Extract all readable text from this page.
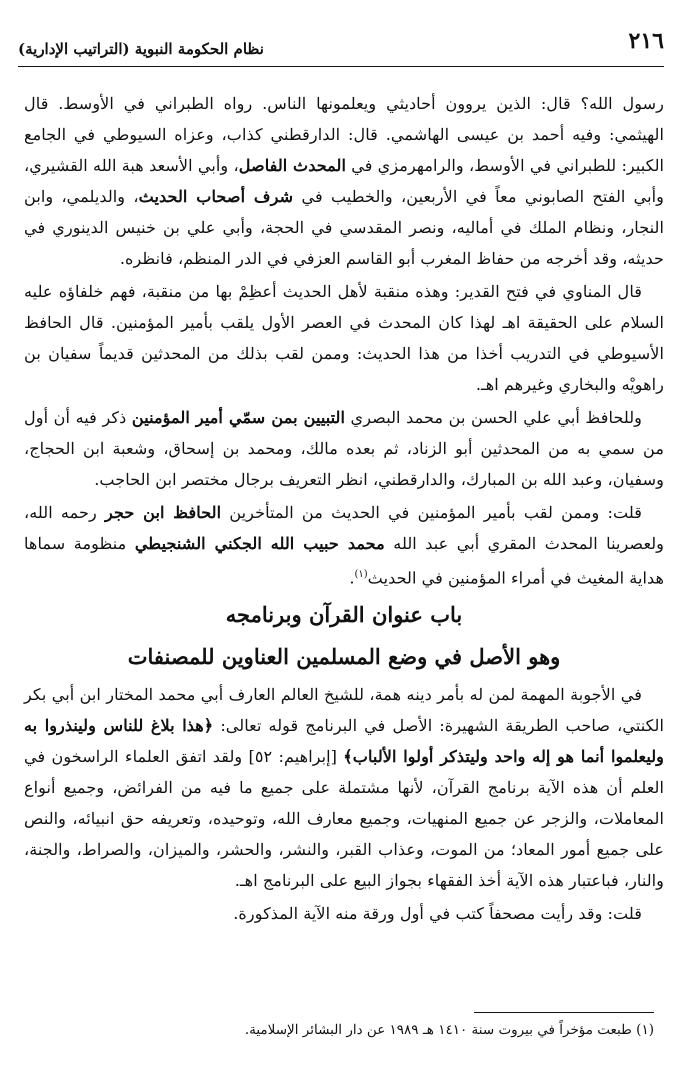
٢١٦
نظام الحكومة النبوية (التراتيب الإدارية)

رسول الله؟ قال: الذين يروون أحاديثي ويعلمونها الناس. رواه الطبراني في الأوسط. قال الهيثمي: وفيه أحمد بن عيسى الهاشمي. قال: الدارقطني كذاب، وعزاه السيوطي في الجامع الكبير: للطبراني في الأوسط، والرامهرمزي في المحدث الفاصل، وأبي الأسعد هبة الله القشيري، وأبي الفتح الصابوني معاً في الأربعين، والخطيب في شرف أصحاب الحديث، والديلمي، وابن النجار، ونظام الملك في أماليه، ونصر المقدسي في الحجة، وأبي علي بن خنيس الدينوري في حديثه، وقد أخرجه من حفاظ المغرب أبو القاسم العزفي في الدر المنظم، فانظره.

قال المناوي في فتح القدير: وهذه منقبة لأهل الحديث أعظِمْ بها من منقبة، فهم خلفاؤه عليه السلام على الحقيقة اهـ لهذا كان المحدث في العصر الأول يلقب بأمير المؤمنين. قال الحافظ الأسيوطي في التدريب أخذا من هذا الحديث: وممن لقب بذلك من المحدثين قديماً سفيان بن راهويْه والبخاري وغيرهم اهـ.

وللحافظ أبي علي الحسن بن محمد البصري التبيين بمن سمّي أمير المؤمنين ذكر فيه أن أول من سمي به من المحدثين أبو الزناد، ثم بعده مالك، ومحمد بن إسحاق، وشعبة ابن الحجاج، وسفيان، وعبد الله بن المبارك، والدارقطني، انظر التعريف برجال مختصر ابن الحاجب.

قلت: وممن لقب بأمير المؤمنين في الحديث من المتأخرين الحافظ ابن حجر رحمه الله، ولعصرينا المحدث المقري أبي عبد الله محمد حبيب الله الجكني الشنجيطي منظومة سماها هداية المغيث في أمراء المؤمنين في الحديث$^{(١)}$.

باب عنوان القرآن وبرنامجه

وهو الأصل في وضع المسلمين العناوين للمصنفات

في الأجوبة المهمة لمن له بأمر دينه همة، للشيخ العالم العارف أبي محمد المختار ابن أبي بكر الكنتي، صاحب الطريقة الشهيرة: الأصل في البرنامج قوله تعالى: ﴿هذا بلاغ للناس ولينذروا به وليعلموا أنما هو إله واحد وليتذكر أولوا الألباب﴾ [إبراهيم: ٥٢] ولقد اتفق العلماء الراسخون في العلم أن هذه الآية برنامج القرآن، لأنها مشتملة على جميع ما فيه من الفرائض، وجميع أنواع المعاملات، والزجر عن جميع المنهيات، وجميع معارف الله، وتوحيده، وتعريفه حق انبيائه، والنص على جميع أمور المعاد؛ من الموت، وعذاب القبر، والنشر، والحشر، والميزان، والصراط، والجنة، والنار، فباعتبار هذه الآية أخذ الفقهاء بجواز البيع على البرنامج اهـ.

قلت: وقد رأيت مصحفاً كتب في أول ورقة منه الآية المذكورة.

(١) طبعت مؤخراً في بيروت سنة ١٤١٠ هـ ١٩٨٩ عن دار البشائر الإسلامية.
